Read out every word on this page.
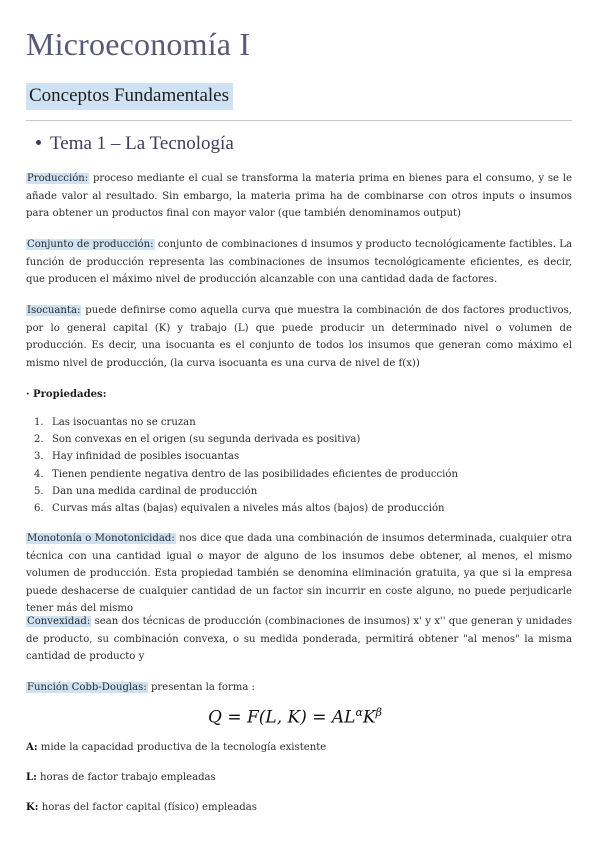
Microeconomía I
Conceptos Fundamentales
Tema 1 – La Tecnología
Producción: proceso mediante el cual se transforma la materia prima en bienes para el consumo, y se le añade valor al resultado. Sin embargo, la materia prima ha de combinarse con otros inputs o insumos para obtener un productos final con mayor valor (que también denominamos output)
Conjunto de producción: conjunto de combinaciones d insumos y producto tecnológicamente factibles. La función de producción representa las combinaciones de insumos tecnológicamente eficientes, es decir, que producen el máximo nivel de producción alcanzable con una cantidad dada de factores.
Isocuanta: puede definirse como aquella curva que muestra la combinación de dos factores productivos, por lo general capital (K) y trabajo (L) que puede producir un determinado nivel o volumen de producción. Es decir, una isocuanta es el conjunto de todos los insumos que generan como máximo el mismo nivel de producción, (la curva isocuanta es una curva de nivel de f(x))
· Propiedades:
1. Las isocuantas no se cruzan
2. Son convexas en el origen (su segunda derivada es positiva)
3. Hay infinidad de posibles isocuantas
4. Tienen pendiente negativa dentro de las posibilidades eficientes de producción
5. Dan una medida cardinal de producción
6. Curvas más altas (bajas) equivalen a niveles más altos (bajos) de producción
Monotonía o Monotonicidad: nos dice que dada una combinación de insumos determinada, cualquier otra técnica con una cantidad igual o mayor de alguno de los insumos debe obtener, al menos, el mismo volumen de producción. Esta propiedad también se denomina eliminación gratuita, ya que si la empresa puede deshacerse de cualquier cantidad de un factor sin incurrir en coste alguno, no puede perjudicarle tener más del mismo
Convexidad: sean dos técnicas de producción (combinaciones de insumos) x' y x'' que generan y unidades de producto, su combinación convexa, o su medida ponderada, permitirá obtener "al menos" la misma cantidad de producto y
Función Cobb-Douglas: presentan la forma :
Q = F(L, $K) = AL^\alpha K^\beta$
A: mide la capacidad productiva de la tecnología existente
L: horas de factor trabajo empleadas
K: horas del factor capital (físico) empleadas
